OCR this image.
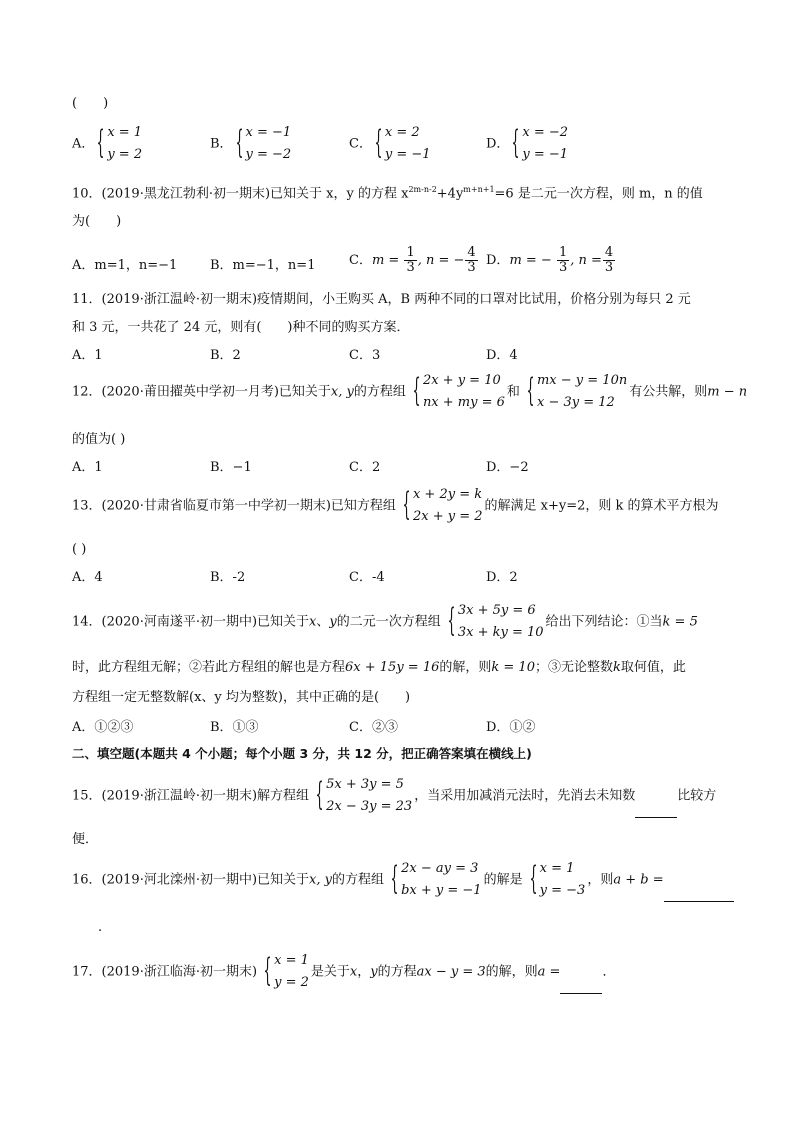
(　　)
A． { x = 1
y = 2
B． { x = −1
y = −2
C． { x = 2
y = −1
D． { x = −2
y = −1
10．(2019·黑龙江勃利·初一期末)已知关于 x，y 的方程 $x^{2m-n-2}+4y^{m+n+1}=6$ 是二元一次方程，则 m，n 的值
为(　　)
A．m=1，n=−1	B．m=−1，n=1	C．$m = \frac{1}{3}$ , n = − $\frac{4}{3}$ D．m = − $\frac{1}{3}$ , $n = \frac{4}{3}$
11．(2019·浙江温岭·初一期末)疫情期间，小王购买 A，B 两种不同的口罩对比试用，价格分别为每只 2 元
和 3 元，一共花了 24 元，则有(　　)种不同的购买方案．
A．1	B．2	C．3	D．4
12．(2020·莆田擢英中学初一月考)已知关于x, y的方程组 { 2x + y = 10
nx + my = 6
和 { mx − y = 10n
x − 3y = 12
有公共解，则m − n
的值为( )
A．1	B．−1	C．2	D．−2
13．(2020·甘肃省临夏市第一中学初一期末)已知方程组 { x + 2y = k
2x + y = 2
的解满足 x+y=2，则 k 的算术平方根为
( )
A．4	B．-2	C．-4	D．2
14．(2020·河南遂平·初一期中)已知关于x、y的二元一次方程组 { 3x + 5y = 6
3x + ky = 10
给出下列结论：①当k = 5
时，此方程组无解；②若此方程组的解也是方程6x + 15y = 16的解，则k = 10；③无论整数k取何值，此
方程组一定无整数解(x、y 均为整数)，其中正确的是(　　)
A．①②③	B．①③	C．②③	D．①②
二、填空题(本题共 4 个小题；每个小题 3 分，共 12 分，把正确答案填在横线上)
15．(2019·浙江温岭·初一期末)解方程组 { 5x + 3y = 5
2x − 3y = 23
，当采用加减消元法时，先消去未知数	比较方
便．
16．(2019·河北滦州·初一期中)已知关于x, y的方程组 { 2x − ay = 3
bx + y = −1
的解是 { x = 1
y = −3
，则a + b =
.
17．(2019·浙江临海·初一期末) { x = 1
y = 2
是关于x，y的方程ax − y = 3的解，则a =	．
